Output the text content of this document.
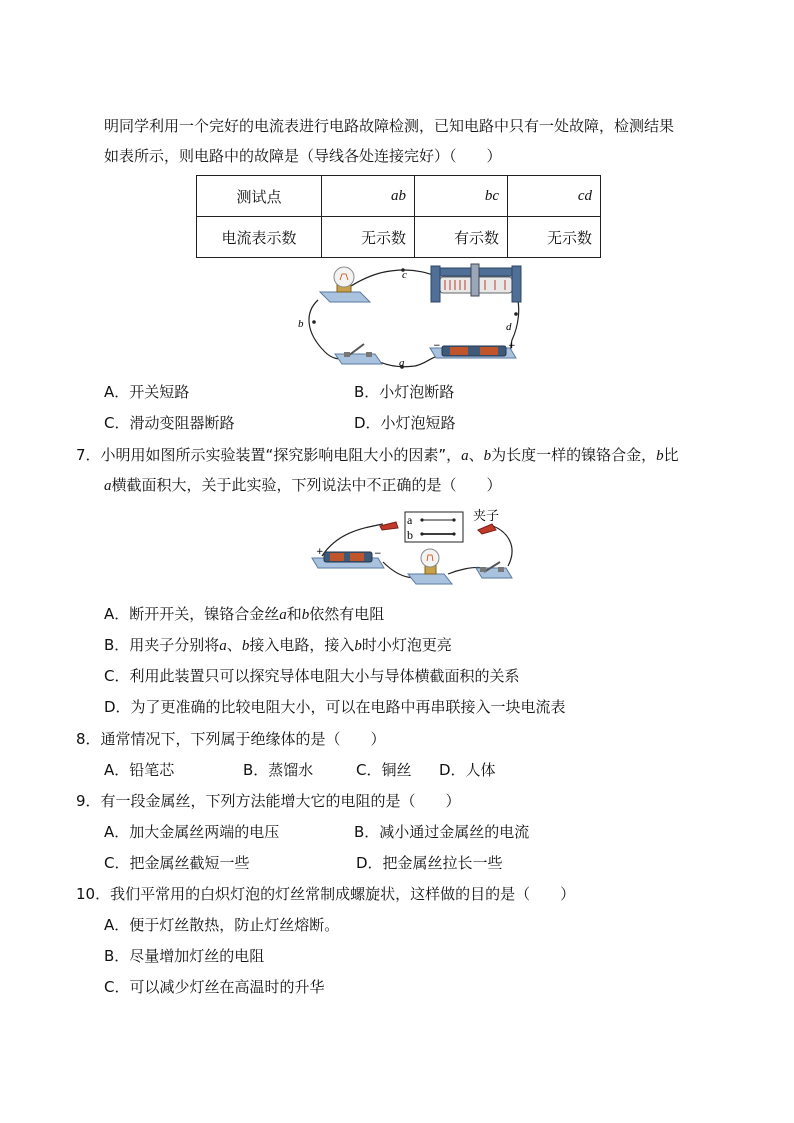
明同学利用一个完好的电流表进行电路故障检测，已知电路中只有一处故障，检测结果
如表所示，则电路中的故障是（导线各处连接完好）（　　）
测试点	ab	bc	cd
电流表示数	无示数	有示数	无示数
c
b
a
d
−	+
A．开关短路	B．小灯泡断路
C．滑动变阻器断路	D．小灯泡短路
7．小明用如图所示实验装置“探究影响电阻大小的因素”，a、b为长度一样的镍铬合金，b比
a横截面积大，关于此实验，下列说法中不正确的是（　　）
a
b
夹子
+	−
A．断开开关，镍铬合金丝a和b依然有电阻
B．用夹子分别将a、b接入电路，接入b时小灯泡更亮
C．利用此装置只可以探究导体电阻大小与导体横截面积的关系
D．为了更准确的比较电阻大小，可以在电路中再串联接入一块电流表
8．通常情况下，下列属于绝缘体的是（　　）
A．铅笔芯	B．蒸馏水	C．铜丝 D．人体
9．有一段金属丝，下列方法能增大它的电阻的是（　　）
A．加大金属丝两端的电压	B．减小通过金属丝的电流
C．把金属丝截短一些	D．把金属丝拉长一些
10．我们平常用的白炽灯泡的灯丝常制成螺旋状，这样做的目的是（　　）
A．便于灯丝散热，防止灯丝熔断。
B．尽量增加灯丝的电阻
C．可以减少灯丝在高温时的升华
